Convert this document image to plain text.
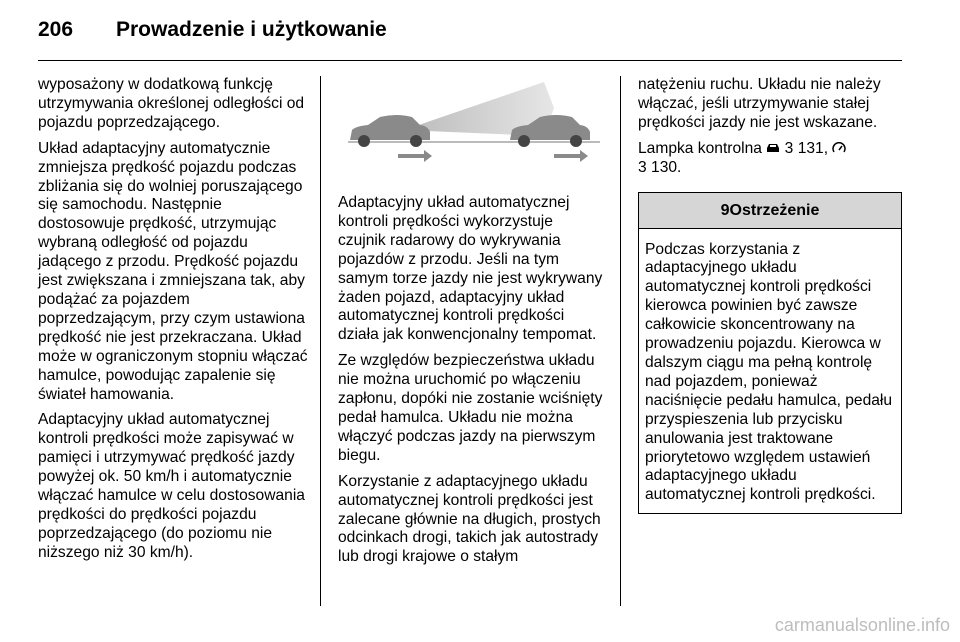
206 Prowadzenie i użytkowanie

wyposażony w dodatkową funkcję utrzymywania określonej odległości od pojazdu poprzedzającego.

Układ adaptacyjny automatycznie zmniejsza prędkość pojazdu podczas zbliżania się do wolniej poruszającego się samochodu. Następnie dostosowuje prędkość, utrzymując wybraną odległość od pojazdu jadącego z przodu. Prędkość pojazdu jest zwiększana i zmniejszana tak, aby podążać za pojazdem poprzedzającym, przy czym ustawiona prędkość nie jest przekraczana. Układ może w ograniczonym stopniu włączać hamulce, powodując zapalenie się świateł hamowania.

Adaptacyjny układ automatycznej kontroli prędkości może zapisywać w pamięci i utrzymywać prędkość jazdy powyżej ok. 50 km/h i automatycznie włączać hamulce w celu dostosowania prędkości do prędkości pojazdu poprzedzającego (do poziomu nie niższego niż 30 km/h).

Adaptacyjny układ automatycznej kontroli prędkości wykorzystuje czujnik radarowy do wykrywania pojazdów z przodu. Jeśli na tym samym torze jazdy nie jest wykrywany żaden pojazd, adaptacyjny układ automatycznej kontroli prędkości działa jak konwencjonalny tempomat.

Ze względów bezpieczeństwa układu nie można uruchomić po włączeniu zapłonu, dopóki nie zostanie wciśnięty pedał hamulca. Układu nie można włączyć podczas jazdy na pierwszym biegu.

Korzystanie z adaptacyjnego układu automatycznej kontroli prędkości jest zalecane głównie na długich, prostych odcinkach drogi, takich jak autostrady lub drogi krajowe o stałym

natężeniu ruchu. Układu nie należy włączać, jeśli utrzymywanie stałej prędkości jazdy nie jest wskazane.

Lampka kontrolna 3 131,
3 130.

9Ostrzeżenie
Podczas korzystania z adaptacyjnego układu automatycznej kontroli prędkości kierowca powinien być zawsze całkowicie skoncentrowany na prowadzeniu pojazdu. Kierowca w dalszym ciągu ma pełną kontrolę nad pojazdem, ponieważ naciśnięcie pedału hamulca, pedału przyspieszenia lub przycisku anulowania jest traktowane priorytetowo względem ustawień adaptacyjnego układu automatycznej kontroli prędkości.
carmanualsonline.info
